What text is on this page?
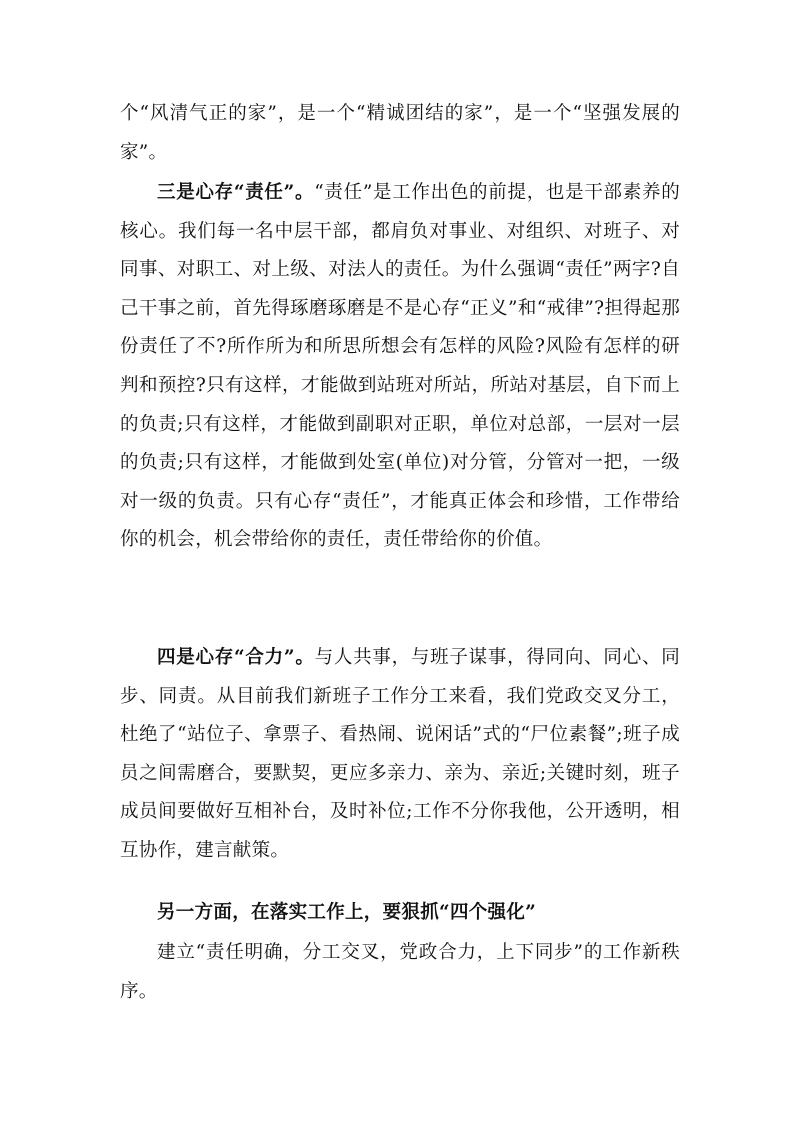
个“风清气正的家”，是一个“精诚团结的家”，是一个“坚强发展的家”。

三是心存“责任”。“责任”是工作出色的前提，也是干部素养的核心。我们每一名中层干部，都肩负对事业、对组织、对班子、对同事、对职工、对上级、对法人的责任。为什么强调“责任”两字?自己干事之前，首先得琢磨琢磨是不是心存“正义”和“戒律”?担得起那份责任了不?所作所为和所思所想会有怎样的风险?风险有怎样的研判和预控?只有这样，才能做到站班对所站，所站对基层，自下而上的负责;只有这样，才能做到副职对正职，单位对总部，一层对一层的负责;只有这样，才能做到处室(单位)对分管，分管对一把，一级对一级的负责。只有心存“责任”，才能真正体会和珍惜，工作带给你的机会，机会带给你的责任，责任带给你的价值。

四是心存“合力”。与人共事，与班子谋事，得同向、同心、同步、同责。从目前我们新班子工作分工来看，我们党政交叉分工，杜绝了“站位子、拿票子、看热闹、说闲话”式的“尸位素餐”;班子成员之间需磨合，要默契，更应多亲力、亲为、亲近;关键时刻，班子成员间要做好互相补台，及时补位;工作不分你我他，公开透明，相互协作，建言献策。

另一方面，在落实工作上，要狠抓“四个强化”

建立“责任明确，分工交叉，党政合力，上下同步”的工作新秩序。
